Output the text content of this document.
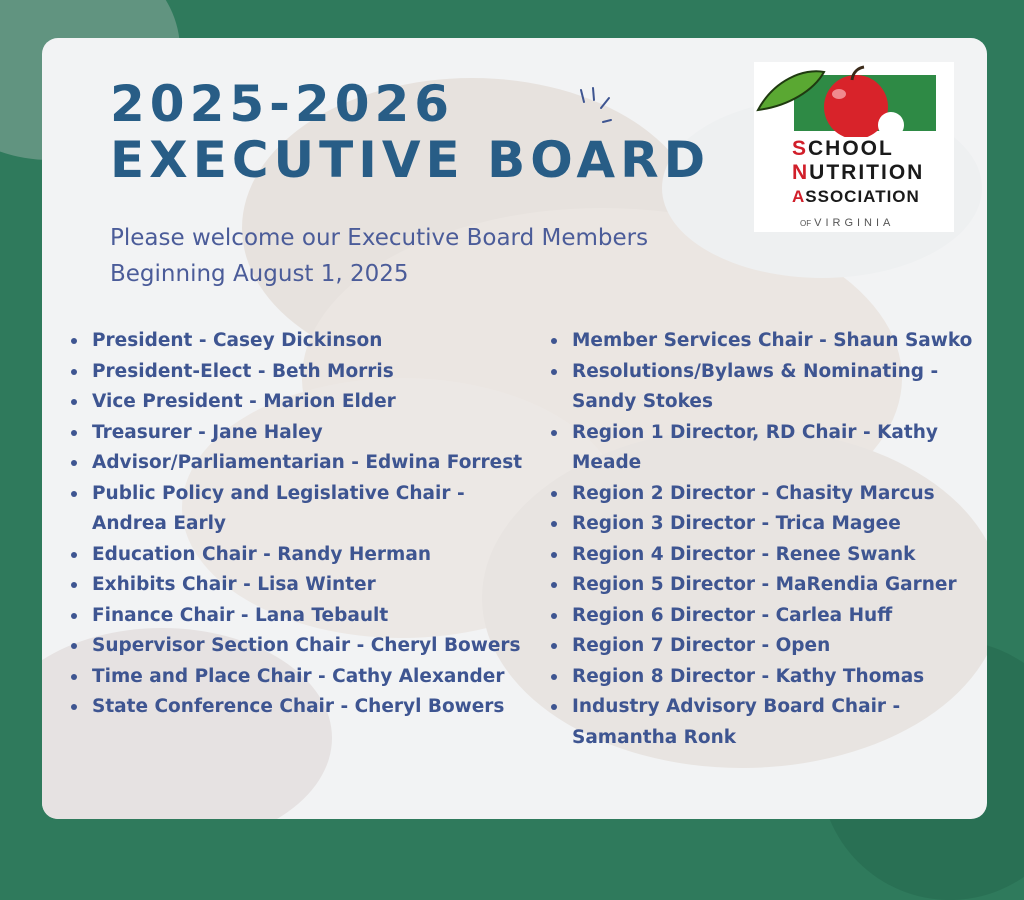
2025-2026
EXECUTIVE BOARD

Please welcome our Executive Board Members
Beginning August 1, 2025

SCHOOL
NUTRITION
ASSOCIATION
OF VIRGINIA
President - Casey Dickinson
President-Elect - Beth Morris
Vice President - Marion Elder
Treasurer - Jane Haley
Advisor/Parliamentarian - Edwina Forrest
Public Policy and Legislative Chair - Andrea Early
Education Chair - Randy Herman
Exhibits Chair - Lisa Winter
Finance Chair - Lana Tebault
Supervisor Section Chair - Cheryl Bowers
Time and Place Chair - Cathy Alexander
State Conference Chair - Cheryl Bowers
Member Services Chair - Shaun Sawko
Resolutions/Bylaws & Nominating - Sandy Stokes
Region 1 Director, RD Chair - Kathy Meade
Region 2 Director - Chasity Marcus
Region 3 Director - Trica Magee
Region 4 Director - Renee Swank
Region 5 Director - MaRendia Garner
Region 6 Director - Carlea Huff
Region 7 Director - Open
Region 8 Director - Kathy Thomas
Industry Advisory Board Chair - Samantha Ronk
